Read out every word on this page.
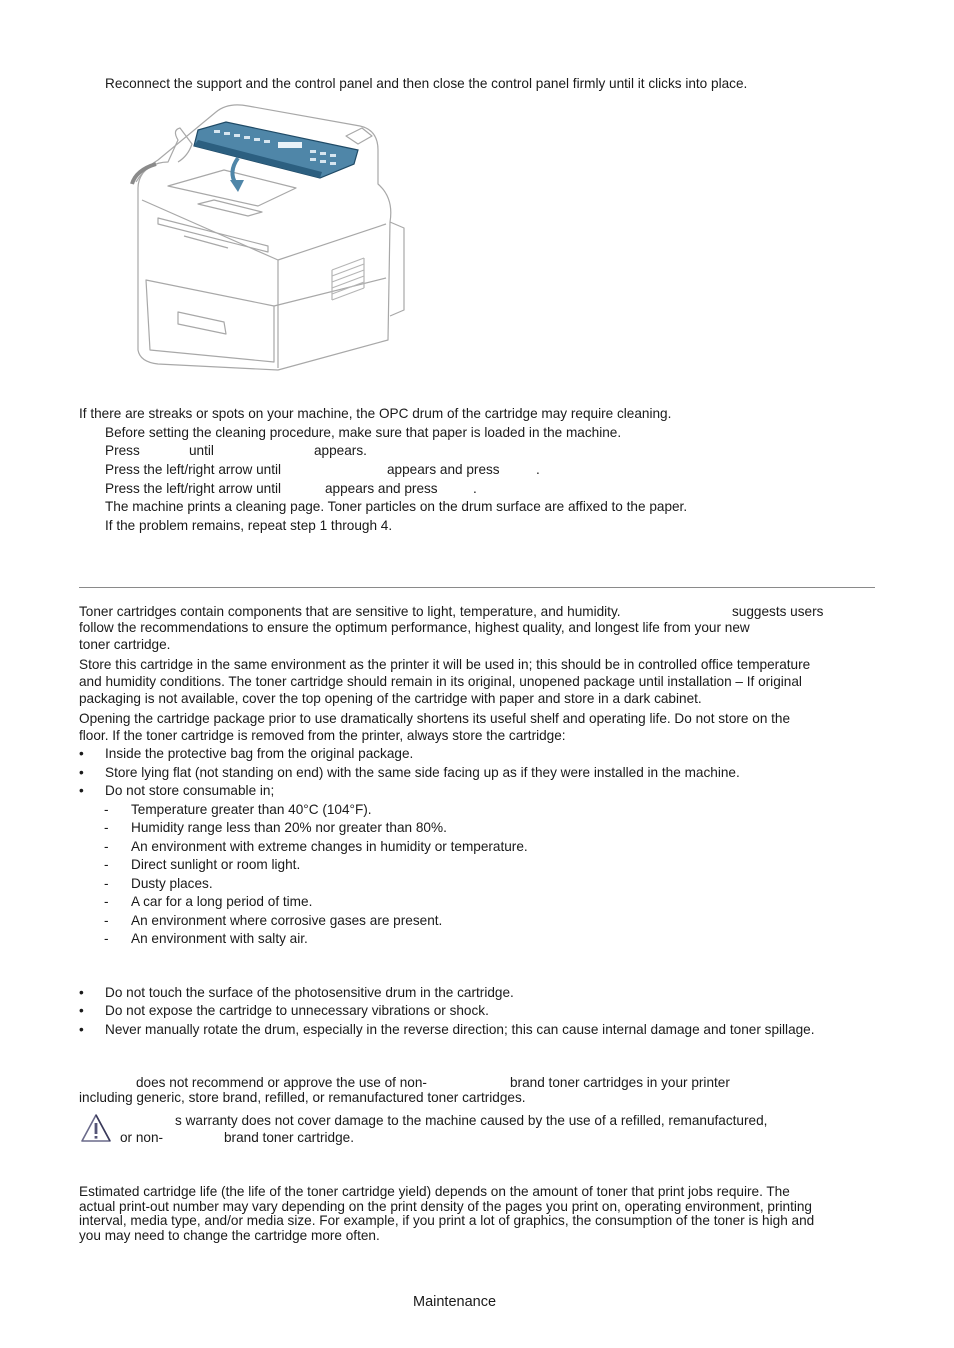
Reconnect the support and the control panel and then close the control panel firmly until it clicks into place.
If there are streaks or spots on your machine, the OPC drum of the cartridge may require cleaning.
Before setting the cleaning procedure, make sure that paper is loaded in the machine.
Press	until	appears.
Press the left/right arrow until	appears and press	.
Press the left/right arrow until	appears and press	.
The machine prints a cleaning page. Toner particles on the drum surface are affixed to the paper.
If the problem remains, repeat step 1 through 4.
Toner cartridges contain components that are sensitive to light, temperature, and humidity.	suggests users
follow the recommendations to ensure the optimum performance, highest quality, and longest life from your new
toner cartridge.
Store this cartridge in the same environment as the printer it will be used in; this should be in controlled office temperature
and humidity conditions. The toner cartridge should remain in its original, unopened package until installation – If original
packaging is not available, cover the top opening of the cartridge with paper and store in a dark cabinet.
Opening the cartridge package prior to use dramatically shortens its useful shelf and operating life. Do not store on the
floor. If the toner cartridge is removed from the printer, always store the cartridge:
• Inside the protective bag from the original package.
• Store lying flat (not standing on end) with the same side facing up as if they were installed in the machine.
• Do not store consumable in;
- Temperature greater than 40°C (104°F).
- Humidity range less than 20% nor greater than 80%.
- An environment with extreme changes in humidity or temperature.
- Direct sunlight or room light.
- Dusty places.
- A car for a long period of time.
- An environment where corrosive gases are present.
- An environment with salty air.
• Do not touch the surface of the photosensitive drum in the cartridge.
• Do not expose the cartridge to unnecessary vibrations or shock.
• Never manually rotate the drum, especially in the reverse direction; this can cause internal damage and toner spillage.
does not recommend or approve the use of non-	brand toner cartridges in your printer
including generic, store brand, refilled, or remanufactured toner cartridges.
s warranty does not cover damage to the machine caused by the use of a refilled, remanufactured,
or non-	brand toner cartridge.
Estimated cartridge life (the life of the toner cartridge yield) depends on the amount of toner that print jobs require. The
actual print-out number may vary depending on the print density of the pages you print on, operating environment, printing
interval, media type, and/or media size. For example, if you print a lot of graphics, the consumption of the toner is high and
you may need to change the cartridge more often.
Maintenance
